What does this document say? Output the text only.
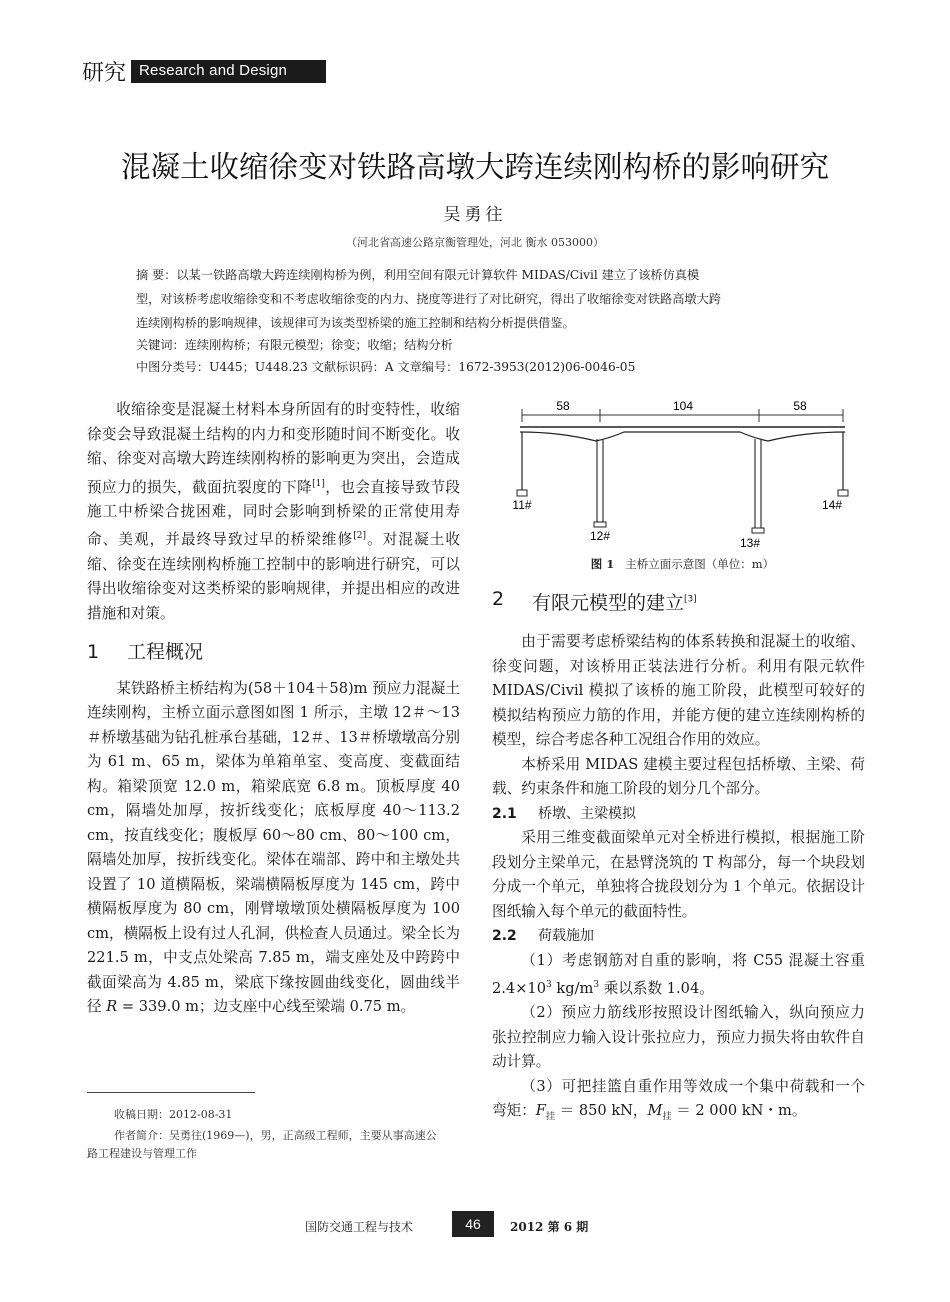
研究 Research and Design
混凝土收缩徐变对铁路高墩大跨连续刚构桥的影响研究
吴勇往
（河北省高速公路京衡管理处，河北 衡水 053000）
摘 要：以某一铁路高墩大跨连续刚构桥为例，利用空间有限元计算软件 MIDAS/Civil 建立了该桥仿真模
型，对该桥考虑收缩徐变和不考虑收缩徐变的内力、挠度等进行了对比研究，得出了收缩徐变对铁路高墩大跨
连续刚构桥的影响规律，该规律可为该类型桥梁的施工控制和结构分析提供借鉴。
关键词：连续刚构桥；有限元模型；徐变；收缩；结构分析
中图分类号：U445；U448.23 文献标识码：A 文章编号：1672-3953(2012)06-0046-05

收缩徐变是混凝土材料本身所固有的时变特性，收缩徐变会导致混凝土结构的内力和变形随时间不断变化。收缩、徐变对高墩大跨连续刚构桥的影响更为突出，会造成预应力的损失，截面抗裂度的下降[1]，也会直接导致节段施工中桥梁合拢困难，同时会影响到桥梁的正常使用寿命、美观，并最终导致过早的桥梁维修[2]。对混凝土收缩、徐变在连续刚构桥施工控制中的影响进行研究，可以得出收缩徐变对这类桥梁的影响规律，并提出相应的改进措施和对策。

1	工程概况

某铁路桥主桥结构为(58＋104＋58)m 预应力混凝土连续刚构，主桥立面示意图如图 1 所示，主墩 12＃～13＃桥墩基础为钻孔桩承台基础，12＃、13＃桥墩墩高分别为 61 m、65 m，梁体为单箱单室、变高度、变截面结构。箱梁顶宽 12.0 m，箱梁底宽 6.8 m。顶板厚度 40 cm，隔墙处加厚，按折线变化；底板厚度 40～113.2 cm，按直线变化；腹板厚 60～80 cm、80～100 cm，隔墙处加厚，按折线变化。梁体在端部、跨中和主墩处共设置了 10 道横隔板，梁端横隔板厚度为 145 cm，跨中横隔板厚度为 80 cm，刚臂墩墩顶处横隔板厚度为 100 cm，横隔板上设有过人孔洞，供检查人员通过。梁全长为 221.5 m，中支点处梁高 7.85 m，端支座处及中跨跨中截面梁高为 4.85 m，梁底下缘按圆曲线变化，圆曲线半径 R = 339.0 m；边支座中心线至梁端 0.75 m。

58	104	58
11#
12#	13#
14#
图 1 主桥立面示意图（单位：m）
2	有限元模型的建立[3]

由于需要考虑桥梁结构的体系转换和混凝土的收缩、徐变问题，对该桥用正装法进行分析。利用有限元软件 MIDAS/Civil 模拟了该桥的施工阶段，此模型可较好的模拟结构预应力筋的作用，并能方便的建立连续刚构桥的模型，综合考虑各种工况组合作用的效应。

本桥采用 MIDAS 建模主要过程包括桥墩、主梁、荷载、约束条件和施工阶段的划分几个部分。

2.1	桥墩、主梁模拟

采用三维变截面梁单元对全桥进行模拟，根据施工阶段划分主梁单元，在悬臂浇筑的 T 构部分，每一个块段划分成一个单元，单独将合拢段划分为 1 个单元。依据设计图纸输入每个单元的截面特性。

2.2	荷载施加

（1）考虑钢筋对自重的影响，将 C55 混凝土容重 $2.4\times 10^3$ $kg/m^3$ 乘以系数 1.04。

（2）预应力筋线形按照设计图纸输入，纵向预应力张拉控制应力输入设计张拉应力，预应力损失将由软件自动计算。

（3）可把挂篮自重作用等效成一个集中荷载和一个弯矩：$F_挂 = 850$ kN，$M_挂 = 2$ 000 kN・m。

收稿日期：2012-08-31
作者简介：吴勇往(1969—)，男，正高级工程师，主要从事高速公
路工程建设与管理工作
国防交通工程与技术	46	2012 第 6 期
